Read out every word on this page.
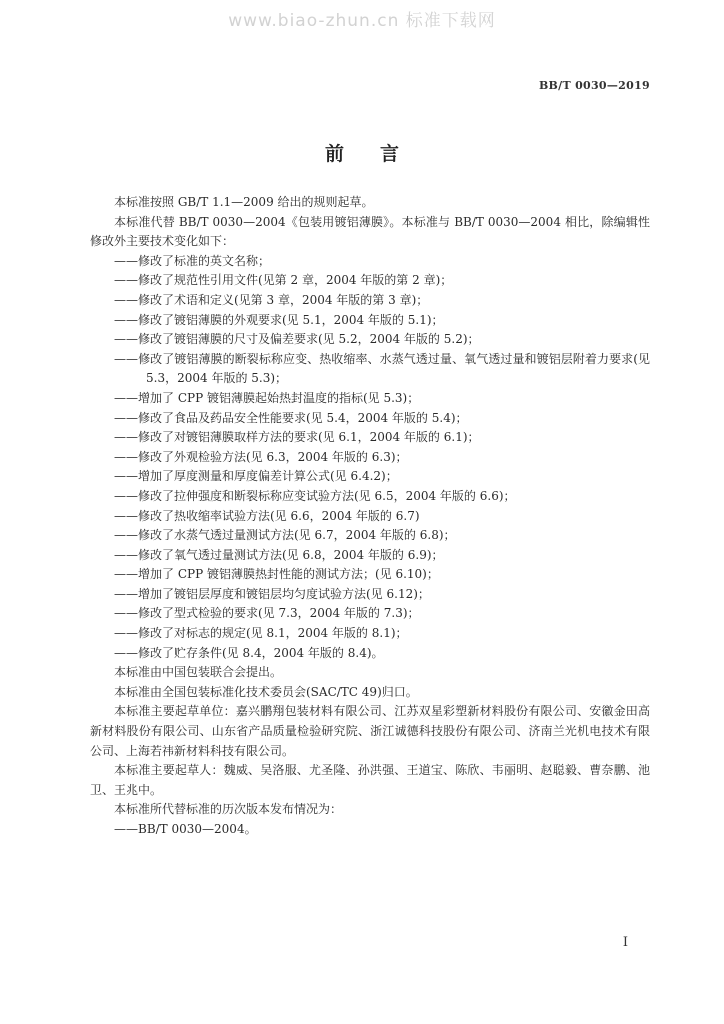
www.biao-zhun.cn 标准下载网
BB/T 0030—2019
前言

本标准按照 GB/T 1.1—2009 给出的规则起草。

本标准代替 BB/T 0030—2004《包装用镀铝薄膜》。本标准与 BB/T 0030—2004 相比，除编辑性修改外主要技术变化如下：

——修改了标准的英文名称；

——修改了规范性引用文件(见第 2 章，2004 年版的第 2 章)；

——修改了术语和定义(见第 3 章，2004 年版的第 3 章)；

——修改了镀铝薄膜的外观要求(见 5.1，2004 年版的 5.1)；

——修改了镀铝薄膜的尺寸及偏差要求(见 5.2，2004 年版的 5.2)；

——修改了镀铝薄膜的断裂标称应变、热收缩率、水蒸气透过量、氧气透过量和镀铝层附着力要求(见 5.3，2004 年版的 5.3)；

——增加了 CPP 镀铝薄膜起始热封温度的指标(见 5.3)；

——修改了食品及药品安全性能要求(见 5.4，2004 年版的 5.4)；

——修改了对镀铝薄膜取样方法的要求(见 6.1，2004 年版的 6.1)；

——修改了外观检验方法(见 6.3，2004 年版的 6.3)；

——增加了厚度测量和厚度偏差计算公式(见 6.4.2)；

——修改了拉伸强度和断裂标称应变试验方法(见 6.5，2004 年版的 6.6)；

——修改了热收缩率试验方法(见 6.6，2004 年版的 6.7)

——修改了水蒸气透过量测试方法(见 6.7，2004 年版的 6.8)；

——修改了氧气透过量测试方法(见 6.8，2004 年版的 6.9)；

——增加了 CPP 镀铝薄膜热封性能的测试方法；(见 6.10)；

——增加了镀铝层厚度和镀铝层均匀度试验方法(见 6.12)；

——修改了型式检验的要求(见 7.3，2004 年版的 7.3)；

——修改了对标志的规定(见 8.1，2004 年版的 8.1)；

——修改了贮存条件(见 8.4，2004 年版的 8.4)。

本标准由中国包装联合会提出。

本标准由全国包装标准化技术委员会(SAC/TC 49)归口。

本标准主要起草单位：嘉兴鹏翔包装材料有限公司、江苏双星彩塑新材料股份有限公司、安徽金田高新材料股份有限公司、山东省产品质量检验研究院、浙江诚德科技股份有限公司、济南兰光机电技术有限公司、上海若祎新材料科技有限公司。

本标准主要起草人：魏威、吴洛服、尤圣隆、孙洪强、王道宝、陈欣、韦丽明、赵聪毅、曹奈鹏、池卫、王兆中。

本标准所代替标准的历次版本发布情况为：

——BB/T 0030—2004。

I
